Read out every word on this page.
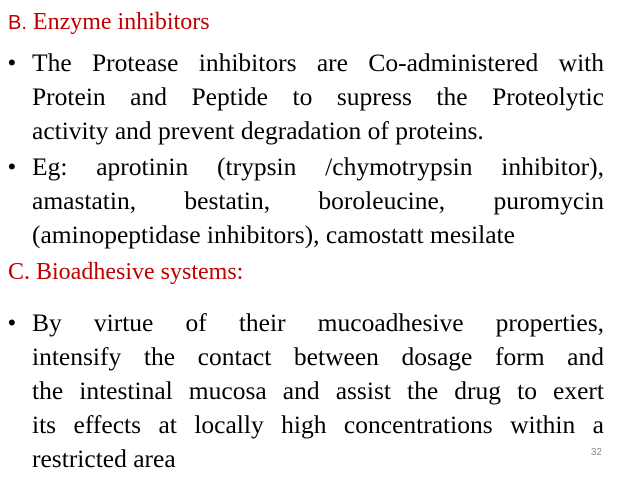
B. Enzyme inhibitors
• The Protease inhibitors are Co-administered with
Protein and Peptide to supress the Proteolytic
activity and prevent degradation of proteins.
• Eg: aprotinin (trypsin /chymotrypsin inhibitor),
amastatin, bestatin, boroleucine, puromycin
(aminopeptidase inhibitors), camostatt mesilate
C. Bioadhesive systems:
• By virtue of their mucoadhesive properties,
intensify the contact between dosage form and
the intestinal mucosa and assist the drug to exert
its effects at locally high concentrations within a
restricted area	32
